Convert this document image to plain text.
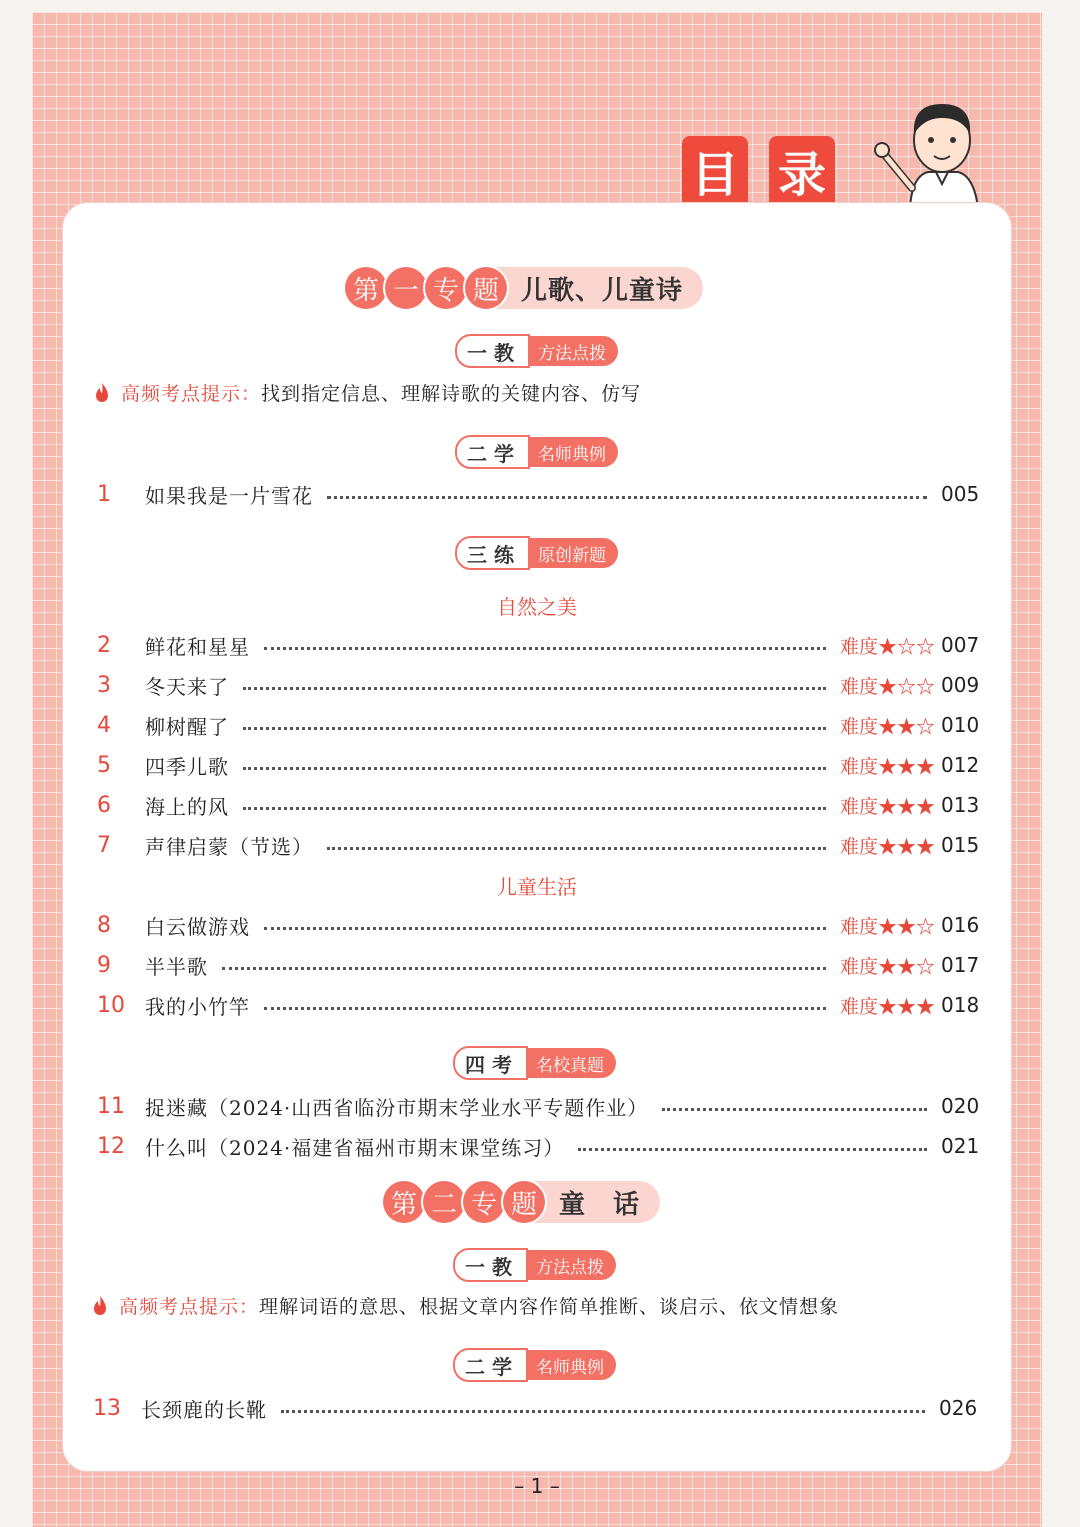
目 录
第 一 专 题 儿歌、儿童诗
一 教	方法点拨
高频考点提示： 找到指定信息、理解诗歌的关键内容、仿写
二 学	名师典例
1	如果我是一片雪花	005
三 练	原创新题
自然之美
2	鲜花和星星	难度★☆☆ 007
3	冬天来了	难度★☆☆ 009
4	柳树醒了	难度★★☆ 010
5	四季儿歌	难度★★★ 012
6	海上的风	难度★★★ 013
7	声律启蒙（节选）	难度★★★ 015
儿童生活
8	白云做游戏	难度★★☆ 016
9	半半歌	难度★★☆ 017
10	我的小竹竿	难度★★★ 018
四 考	名校真题
11	捉迷藏（2024·山西省临汾市期末学业水平专题作业）	020
12	什么叫（2024·福建省福州市期末课堂练习）	021
第 二 专 题 童　话
一 教	方法点拨
高频考点提示： 理解词语的意思、根据文章内容作简单推断、谈启示、依文情想象
二 学	名师典例
13	长颈鹿的长靴	026
– 1 –
